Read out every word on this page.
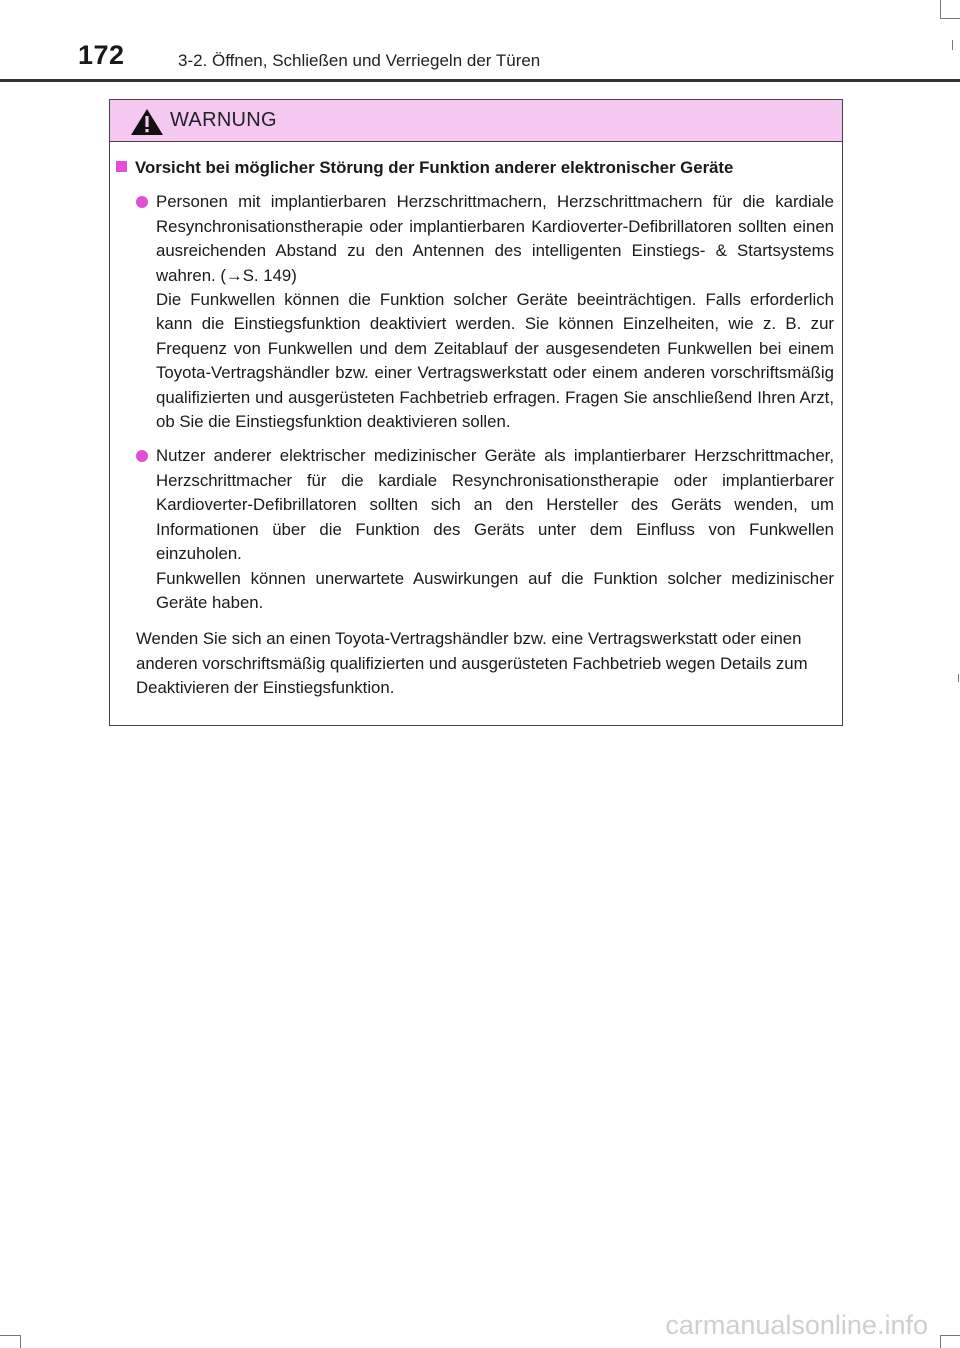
172	3-2. Öffnen, Schließen und Verriegeln der Türen
WARNUNG
Vorsicht bei möglicher Störung der Funktion anderer elektronischer Geräte

Personen mit implantierbaren Herzschrittmachern, Herzschrittmachern für die kardiale Resynchronisationstherapie oder implantierbaren Kardioverter-Defibrillatoren sollten einen ausreichenden Abstand zu den Antennen des intelligenten Einstiegs- & Startsystems wahren. (→S. 149)

Die Funkwellen können die Funktion solcher Geräte beeinträchtigen. Falls erforderlich kann die Einstiegsfunktion deaktiviert werden. Sie können Einzelheiten, wie z. B. zur Frequenz von Funkwellen und dem Zeitablauf der ausgesendeten Funkwellen bei einem Toyota-Vertragshändler bzw. einer Vertragswerkstatt oder einem anderen vorschriftsmäßig qualifizierten und ausgerüsteten Fachbetrieb erfragen. Fragen Sie anschließend Ihren Arzt, ob Sie die Einstiegsfunktion deaktivieren sollen.

Nutzer anderer elektrischer medizinischer Geräte als implantierbarer Herzschrittmacher, Herzschrittmacher für die kardiale Resynchronisationstherapie oder implantierbarer Kardioverter-Defibrillatoren sollten sich an den Hersteller des Geräts wenden, um Informationen über die Funktion des Geräts unter dem Einfluss von Funkwellen einzuholen.

Funkwellen können unerwartete Auswirkungen auf die Funktion solcher medizinischer Geräte haben.

Wenden Sie sich an einen Toyota-Vertragshändler bzw. eine Vertragswerkstatt oder einen anderen vorschriftsmäßig qualifizierten und ausgerüsteten Fachbetrieb wegen Details zum Deaktivieren der Einstiegsfunktion.

carmanualsonline.info
